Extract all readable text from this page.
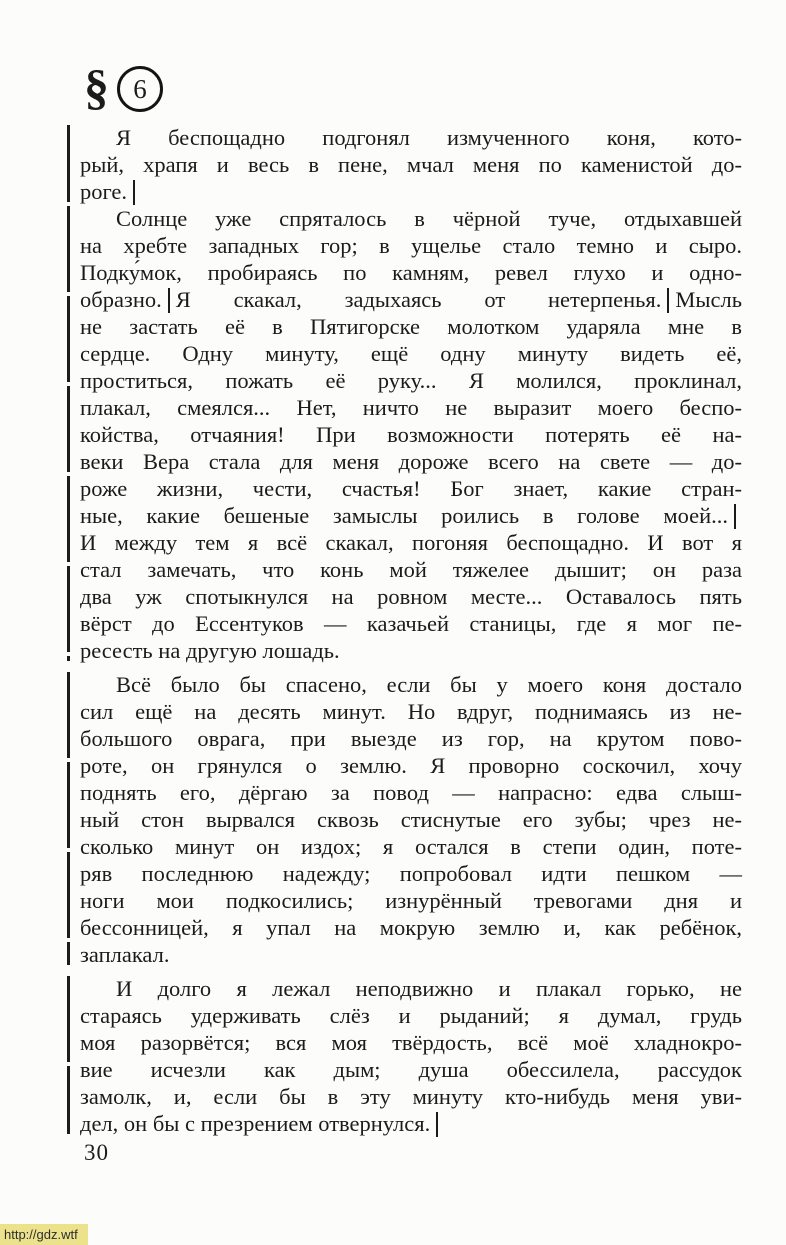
§ 6
Я беспощадно подгонял измученного коня, кото-
рый, храпя и весь в пене, мчал меня по каменистой до-
роге.
Солнце уже спряталось в чёрной туче, отдыхавшей
на хребте западных гор; в ущелье стало темно и сыро.
Подку́мок, пробираясь по камням, ревел глухо и одно-
образно. Я скакал, задыхаясь от нетерпенья. Мысль
не застать её в Пятигорске молотком ударяла мне в
сердце. Одну минуту, ещё одну минуту видеть её,
проститься, пожать её руку... Я молился, проклинал,
плакал, смеялся... Нет, ничто не выразит моего беспо-
койства, отчаяния! При возможности потерять её на-
веки Вера стала для меня дороже всего на свете — до-
роже жизни, чести, счастья! Бог знает, какие стран-
ные, какие бешеные замыслы роились в голове моей...
И между тем я всё скакал, погоняя беспощадно. И вот я
стал замечать, что конь мой тяжелее дышит; он раза
два уж спотыкнулся на ровном месте... Оставалось пять
вёрст до Ессентуков — казачьей станицы, где я мог пе-
ресесть на другую лошадь.
Всё было бы спасено, если бы у моего коня достало
сил ещё на десять минут. Но вдруг, поднимаясь из не-
большого оврага, при выезде из гор, на крутом пово-
роте, он грянулся о землю. Я проворно соскочил, хочу
поднять его, дёргаю за повод — напрасно: едва слыш-
ный стон вырвался сквозь стиснутые его зубы; чрез не-
сколько минут он издох; я остался в степи один, поте-
ряв последнюю надежду; попробовал идти пешком —
ноги мои подкосились; изнурённый тревогами дня и
бессонницей, я упал на мокрую землю и, как ребёнок,
заплакал.
И долго я лежал неподвижно и плакал горько, не
стараясь удерживать слёз и рыданий; я думал, грудь
моя разорвётся; вся моя твёрдость, всё моё хладнокро-
вие исчезли как дым; душа обессилела, рассудок
замолк, и, если бы в эту минуту кто-нибудь меня уви-
дел, он бы с презрением отвернулся.
30
http://gdz.wtf
